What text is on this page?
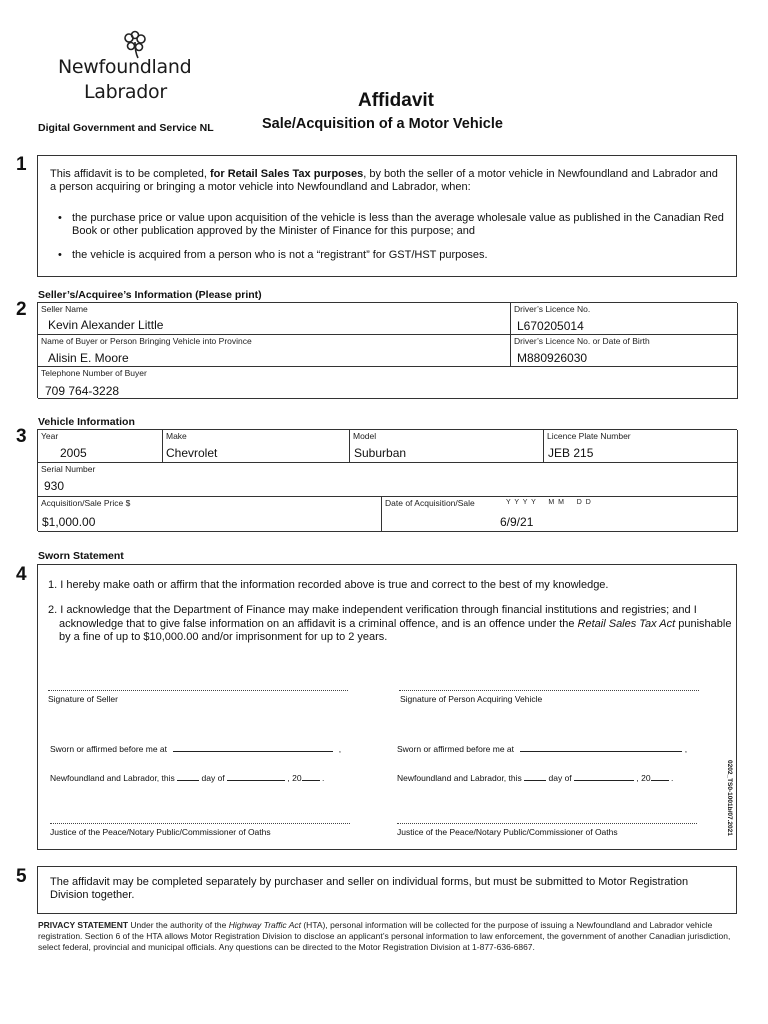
Newfoundland
Labrador
Digital Government and Service NL
Affidavit
Sale/Acquisition of a Motor Vehicle
1 This affidavit is to be completed, for Retail Sales Tax purposes, by both the seller of a motor vehicle in Newfoundland and Labrador and a person acquiring or bringing a motor vehicle into Newfoundland and Labrador, when:
• the purchase price or value upon acquisition of the vehicle is less than the average wholesale value as published in the Canadian Red Book or other publication approved by the Minister of Finance for this purpose; and
• the vehicle is acquired from a person who is not a “registrant” for GST/HST purposes.
Seller’s/Acquiree’s Information (Please print)
2 Seller Name
Kevin Alexander Little
Driver’s Licence No.
L670205014
Name of Buyer or Person Bringing Vehicle into Province
Alisin E. Moore
Driver’s Licence No. or Date of Birth
M880926030
Telephone Number of Buyer
709 764-3228
Vehicle Information
3 Year
2005
Make
Chevrolet
Model
Suburban
Licence Plate Number
JEB 215
Serial Number
930
Acquisition/Sale Price $
$1,000.00
Date of Acquisition/Sale	Y Y Y Y    M M    D D
6/9/21
Sworn Statement
4 1. I hereby make oath or affirm that the information recorded above is true and correct to the best of my knowledge.
2. I acknowledge that the Department of Finance may make independent verification through financial institutions and registries; and I acknowledge that to give false information on an affidavit is a criminal offence, and is an offence under the Retail Sales Tax Act punishable by a fine of up to $10,000.00 and/or imprisonment for up to 2 years.
Signature of Seller	Signature of Person Acquiring Vehicle
Sworn or affirmed before me at	,	Sworn or affirmed before me at	,
Newfoundland and Labrador, this	day of	, 20 .	Newfoundland and Labrador, this	day of	, 20 .
Justice of the Peace/Notary Public/Commissioner of Oaths	Justice of the Peace/Notary Public/Commissioner of Oaths	0202_TS0-1001b/07.2021
5 The affidavit may be completed separately by purchaser and seller on individual forms, but must be submitted to Motor Registration Division together.
PRIVACY STATEMENT Under the authority of the Highway Traffic Act (HTA), personal information will be collected for the purpose of issuing a Newfoundland and Labrador vehicle registration. Section 6 of the HTA allows Motor Registration Division to disclose an applicant’s personal information to law enforcement, the government of another Canadian jurisdiction, select federal, provincial and municipal officials. Any questions can be directed to the Motor Registration Division at 1-877-636-6867.
